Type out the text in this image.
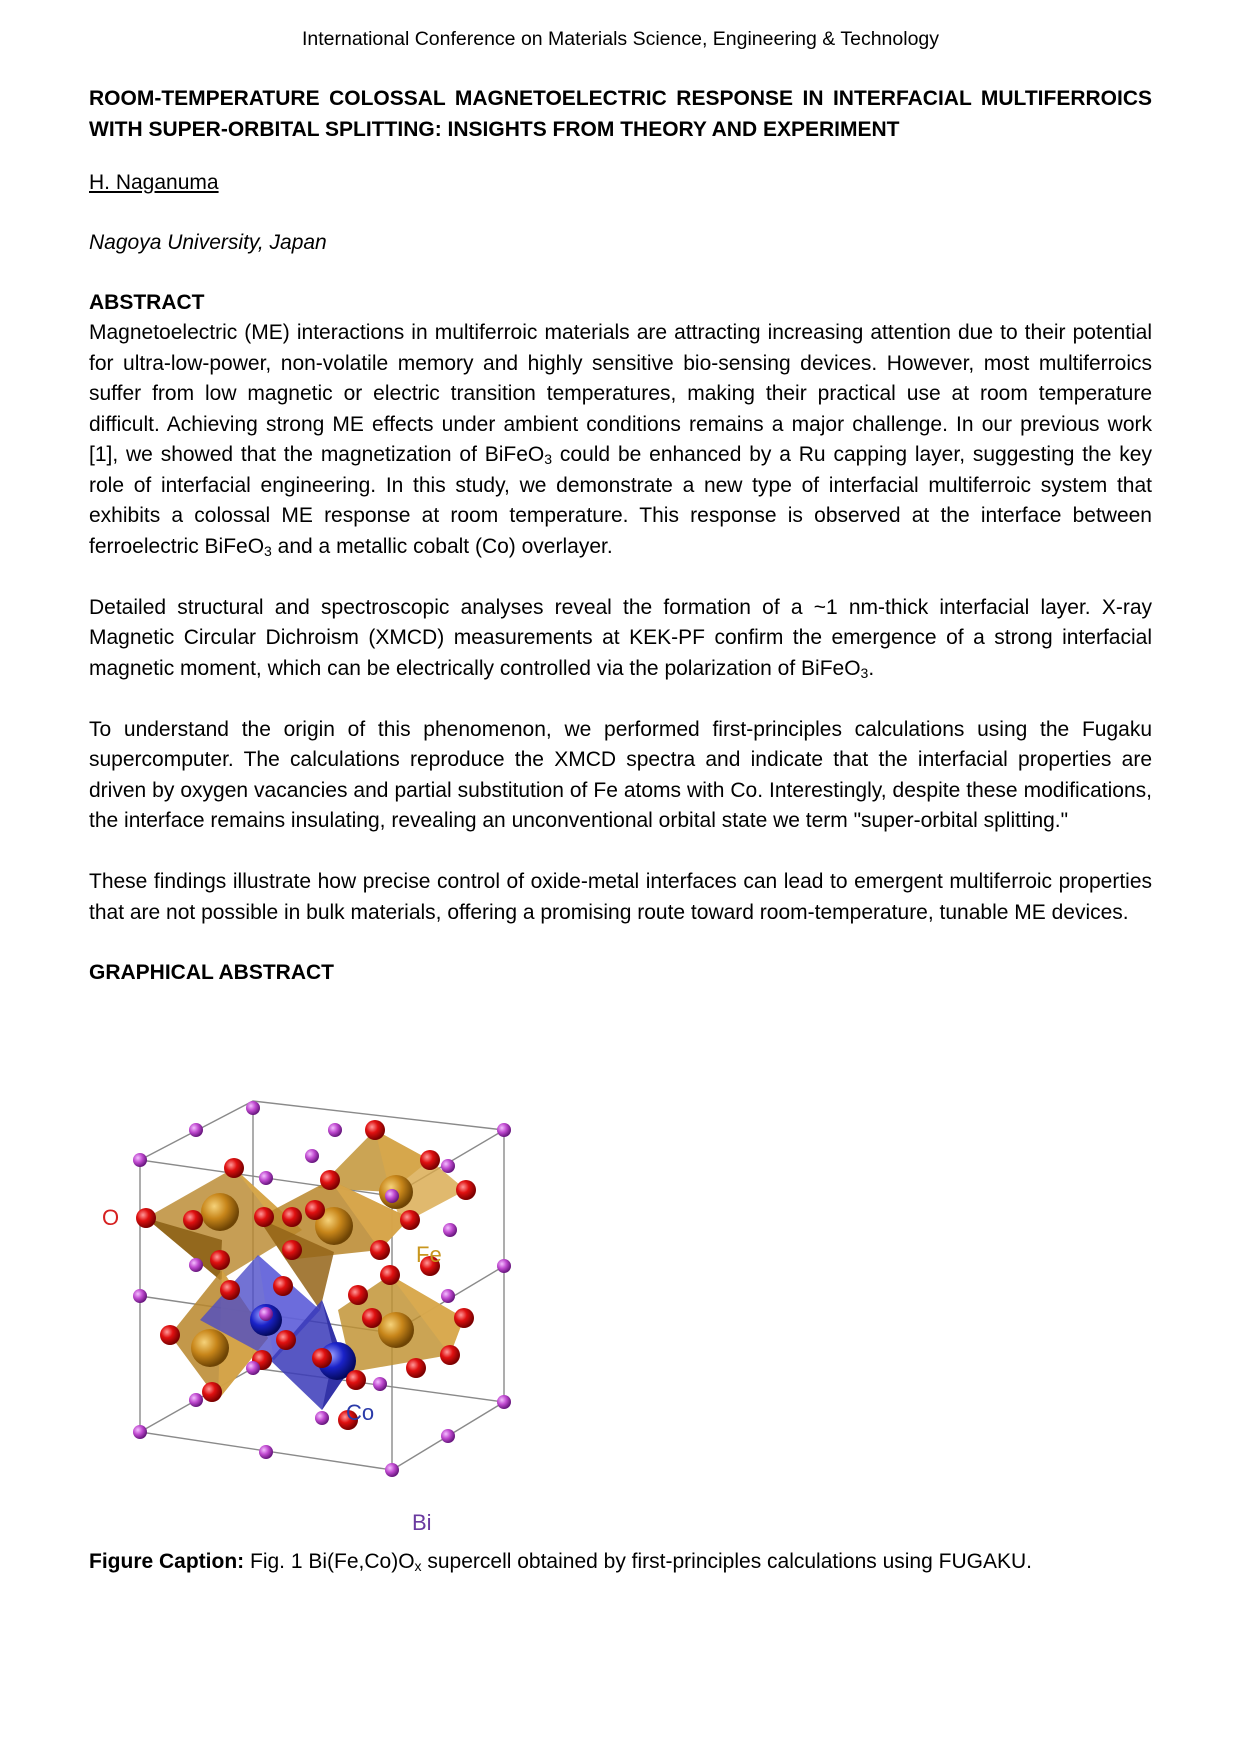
International Conference on Materials Science, Engineering & Technology
ROOM-TEMPERATURE COLOSSAL MAGNETOELECTRIC RESPONSE IN INTERFACIAL MULTIFERROICS WITH SUPER-ORBITAL SPLITTING: INSIGHTS FROM THEORY AND EXPERIMENT
H. Naganuma
Nagoya University, Japan
ABSTRACT

Magnetoelectric (ME) interactions in multiferroic materials are attracting increasing attention due to their potential for ultra-low-power, non-volatile memory and highly sensitive bio-sensing devices. However, most multiferroics suffer from low magnetic or electric transition temperatures, making their practical use at room temperature difficult. Achieving strong ME effects under ambient conditions remains a major challenge. In our previous work [1], we showed that the magnetization of BiFeO$_3$ could be enhanced by a Ru capping layer, suggesting the key role of interfacial engineering. In this study, we demonstrate a new type of interfacial multiferroic system that exhibits a colossal ME response at room temperature. This response is observed at the interface between ferroelectric BiFeO$_3$ and a metallic cobalt (Co) overlayer.

Detailed structural and spectroscopic analyses reveal the formation of a ~1 nm-thick interfacial layer. X-ray Magnetic Circular Dichroism (XMCD) measurements at KEK-PF confirm the emergence of a strong interfacial magnetic moment, which can be electrically controlled via the polarization of BiFeO$_3$.

To understand the origin of this phenomenon, we performed first-principles calculations using the Fugaku supercomputer. The calculations reproduce the XMCD spectra and indicate that the interfacial properties are driven by oxygen vacancies and partial substitution of Fe atoms with Co. Interestingly, despite these modifications, the interface remains insulating, revealing an unconventional orbital state we term "super-orbital splitting."

These findings illustrate how precise control of oxide-metal interfaces can lead to emergent multiferroic properties that are not possible in bulk materials, offering a promising route toward room-temperature, tunable ME devices.

GRAPHICAL ABSTRACT
O
Fe
Co
Bi
Figure Caption: Fig. 1 $Bi(Fe,Co)O_x$ supercell obtained by first-principles calculations using FUGAKU.
